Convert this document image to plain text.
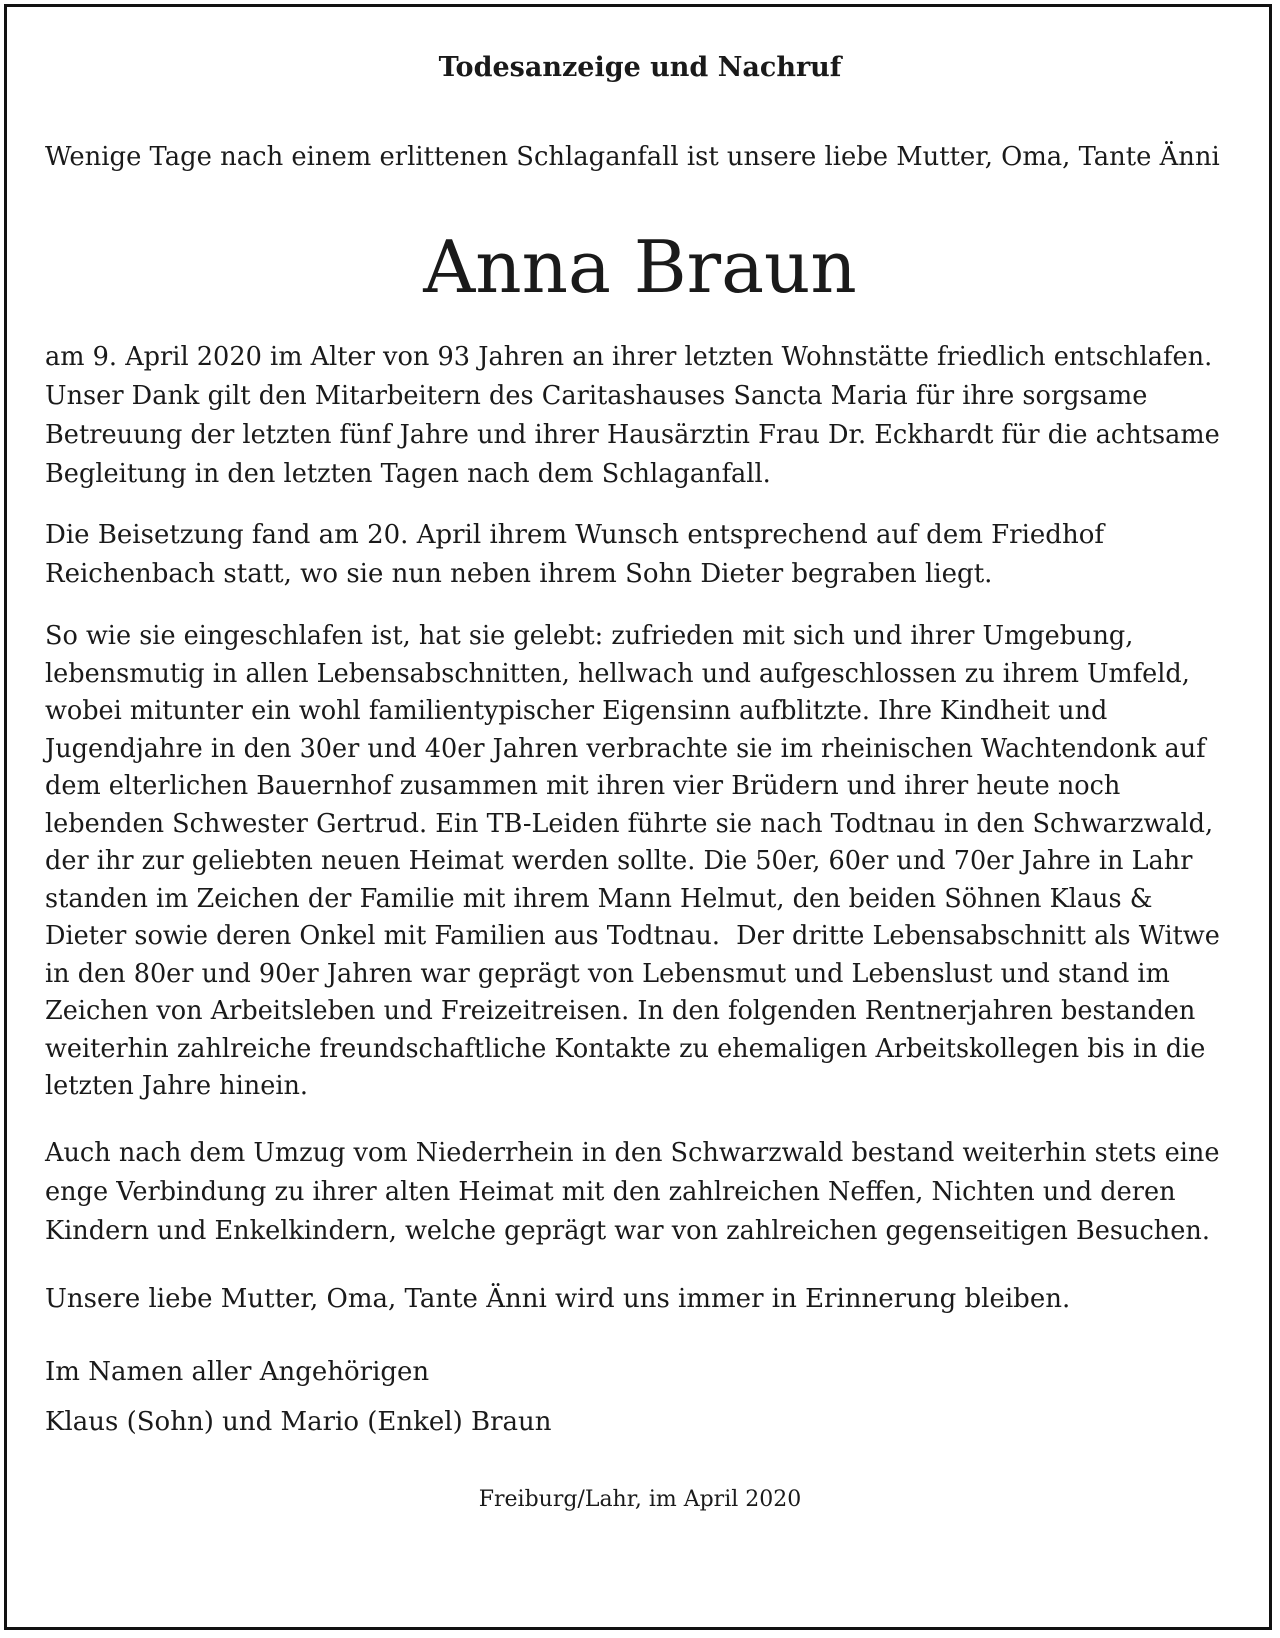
Todesanzeige und Nachruf
Wenige Tage nach einem erlittenen Schlaganfall ist unsere liebe Mutter, Oma, Tante Änni
Anna Braun
am 9. April 2020 im Alter von 93 Jahren an ihrer letzten Wohnstätte friedlich entschlafen.
Unser Dank gilt den Mitarbeitern des Caritashauses Sancta Maria für ihre sorgsame
Betreuung der letzten fünf Jahre und ihrer Hausärztin Frau Dr. Eckhardt für die achtsame
Begleitung in den letzten Tagen nach dem Schlaganfall.
Die Beisetzung fand am 20. April ihrem Wunsch entsprechend auf dem Friedhof
Reichenbach statt, wo sie nun neben ihrem Sohn Dieter begraben liegt.
So wie sie eingeschlafen ist, hat sie gelebt: zufrieden mit sich und ihrer Umgebung,
lebensmutig in allen Lebensabschnitten, hellwach und aufgeschlossen zu ihrem Umfeld,
wobei mitunter ein wohl familientypischer Eigensinn aufblitzte. Ihre Kindheit und
Jugendjahre in den 30er und 40er Jahren verbrachte sie im rheinischen Wachtendonk auf
dem elterlichen Bauernhof zusammen mit ihren vier Brüdern und ihrer heute noch
lebenden Schwester Gertrud. Ein TB-Leiden führte sie nach Todtnau in den Schwarzwald,
der ihr zur geliebten neuen Heimat werden sollte. Die 50er, 60er und 70er Jahre in Lahr
standen im Zeichen der Familie mit ihrem Mann Helmut, den beiden Söhnen Klaus &
Dieter sowie deren Onkel mit Familien aus Todtnau.  Der dritte Lebensabschnitt als Witwe
in den 80er und 90er Jahren war geprägt von Lebensmut und Lebenslust und stand im
Zeichen von Arbeitsleben und Freizeitreisen. In den folgenden Rentnerjahren bestanden
weiterhin zahlreiche freundschaftliche Kontakte zu ehemaligen Arbeitskollegen bis in die
letzten Jahre hinein.
Auch nach dem Umzug vom Niederrhein in den Schwarzwald bestand weiterhin stets eine
enge Verbindung zu ihrer alten Heimat mit den zahlreichen Neffen, Nichten und deren
Kindern und Enkelkindern, welche geprägt war von zahlreichen gegenseitigen Besuchen.
Unsere liebe Mutter, Oma, Tante Änni wird uns immer in Erinnerung bleiben.
Im Namen aller Angehörigen
Klaus (Sohn) und Mario (Enkel) Braun
Freiburg/Lahr, im April 2020
